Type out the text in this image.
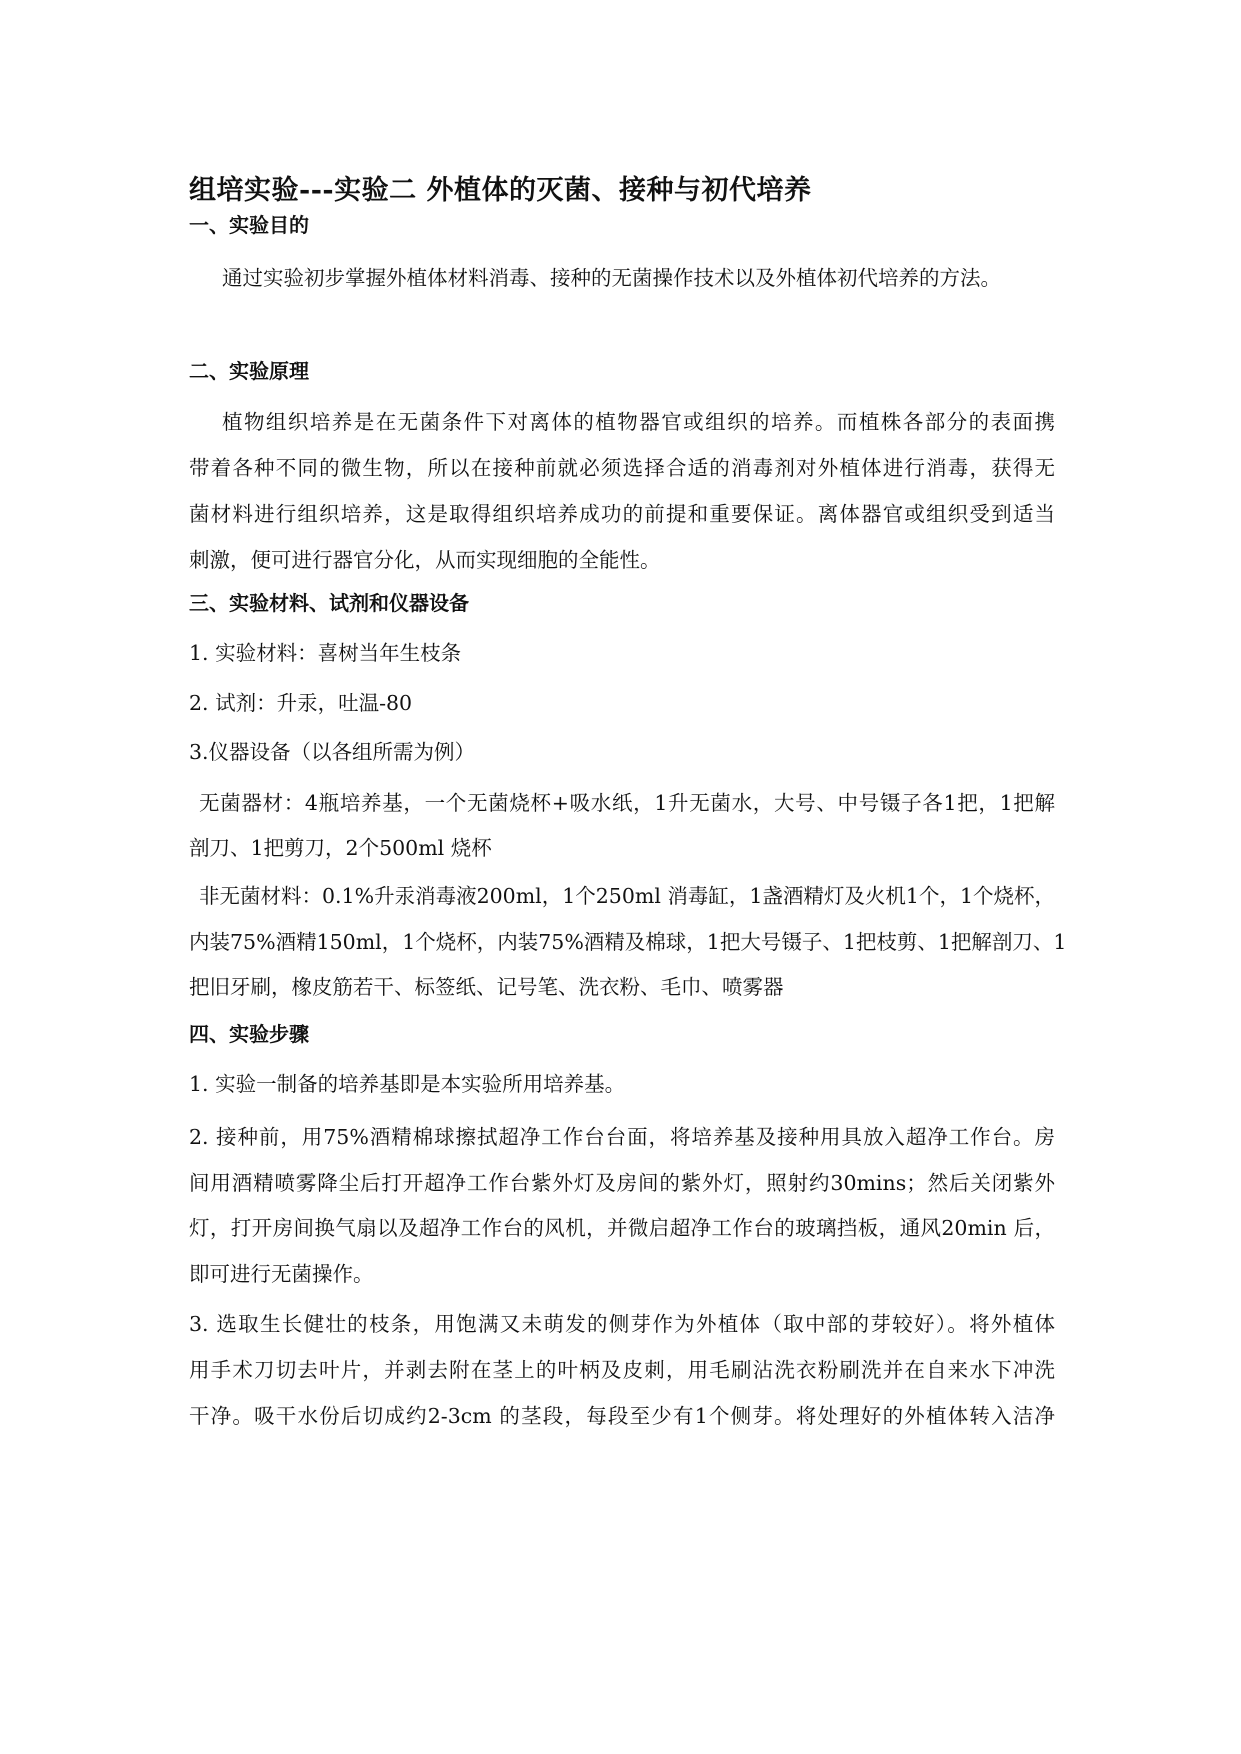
组培实验---实验二 外植体的灭菌、接种与初代培养
一、实验目的

通过实验初步掌握外植体材料消毒、接种的无菌操作技术以及外植体初代培养的方法。

二、实验原理

植物组织培养是在无菌条件下对离体的植物器官或组织的培养。而植株各部分的表面携

带着各种不同的微生物，所以在接种前就必须选择合适的消毒剂对外植体进行消毒，获得无

菌材料进行组织培养，这是取得组织培养成功的前提和重要保证。离体器官或组织受到适当

刺激，便可进行器官分化，从而实现细胞的全能性。

三、实验材料、试剂和仪器设备

1. 实验材料：喜树当年生枝条

2. 试剂：升汞，吐温-80

3.仪器设备（以各组所需为例）

无菌器材：4瓶培养基，一个无菌烧杯+吸水纸，1升无菌水，大号、中号镊子各1把，1把解

剖刀、1把剪刀，2个500ml 烧杯

非无菌材料：0.1%升汞消毒液200ml，1个250ml 消毒缸，1盏酒精灯及火机1个，1个烧杯，

内装75%酒精150ml，1个烧杯，内装75%酒精及棉球，1把大号镊子、1把枝剪、1把解剖刀、1

把旧牙刷，橡皮筋若干、标签纸、记号笔、洗衣粉、毛巾、喷雾器

四、实验步骤

1. 实验一制备的培养基即是本实验所用培养基。

2. 接种前，用75%酒精棉球擦拭超净工作台台面，将培养基及接种用具放入超净工作台。房

间用酒精喷雾降尘后打开超净工作台紫外灯及房间的紫外灯，照射约30mins；然后关闭紫外

灯，打开房间换气扇以及超净工作台的风机，并微启超净工作台的玻璃挡板，通风20min 后，

即可进行无菌操作。

3. 选取生长健壮的枝条，用饱满又未萌发的侧芽作为外植体（取中部的芽较好）。将外植体

用手术刀切去叶片，并剥去附在茎上的叶柄及皮刺，用毛刷沾洗衣粉刷洗并在自来水下冲洗

干净。吸干水份后切成约2-3cm 的茎段，每段至少有1个侧芽。将处理好的外植体转入洁净
